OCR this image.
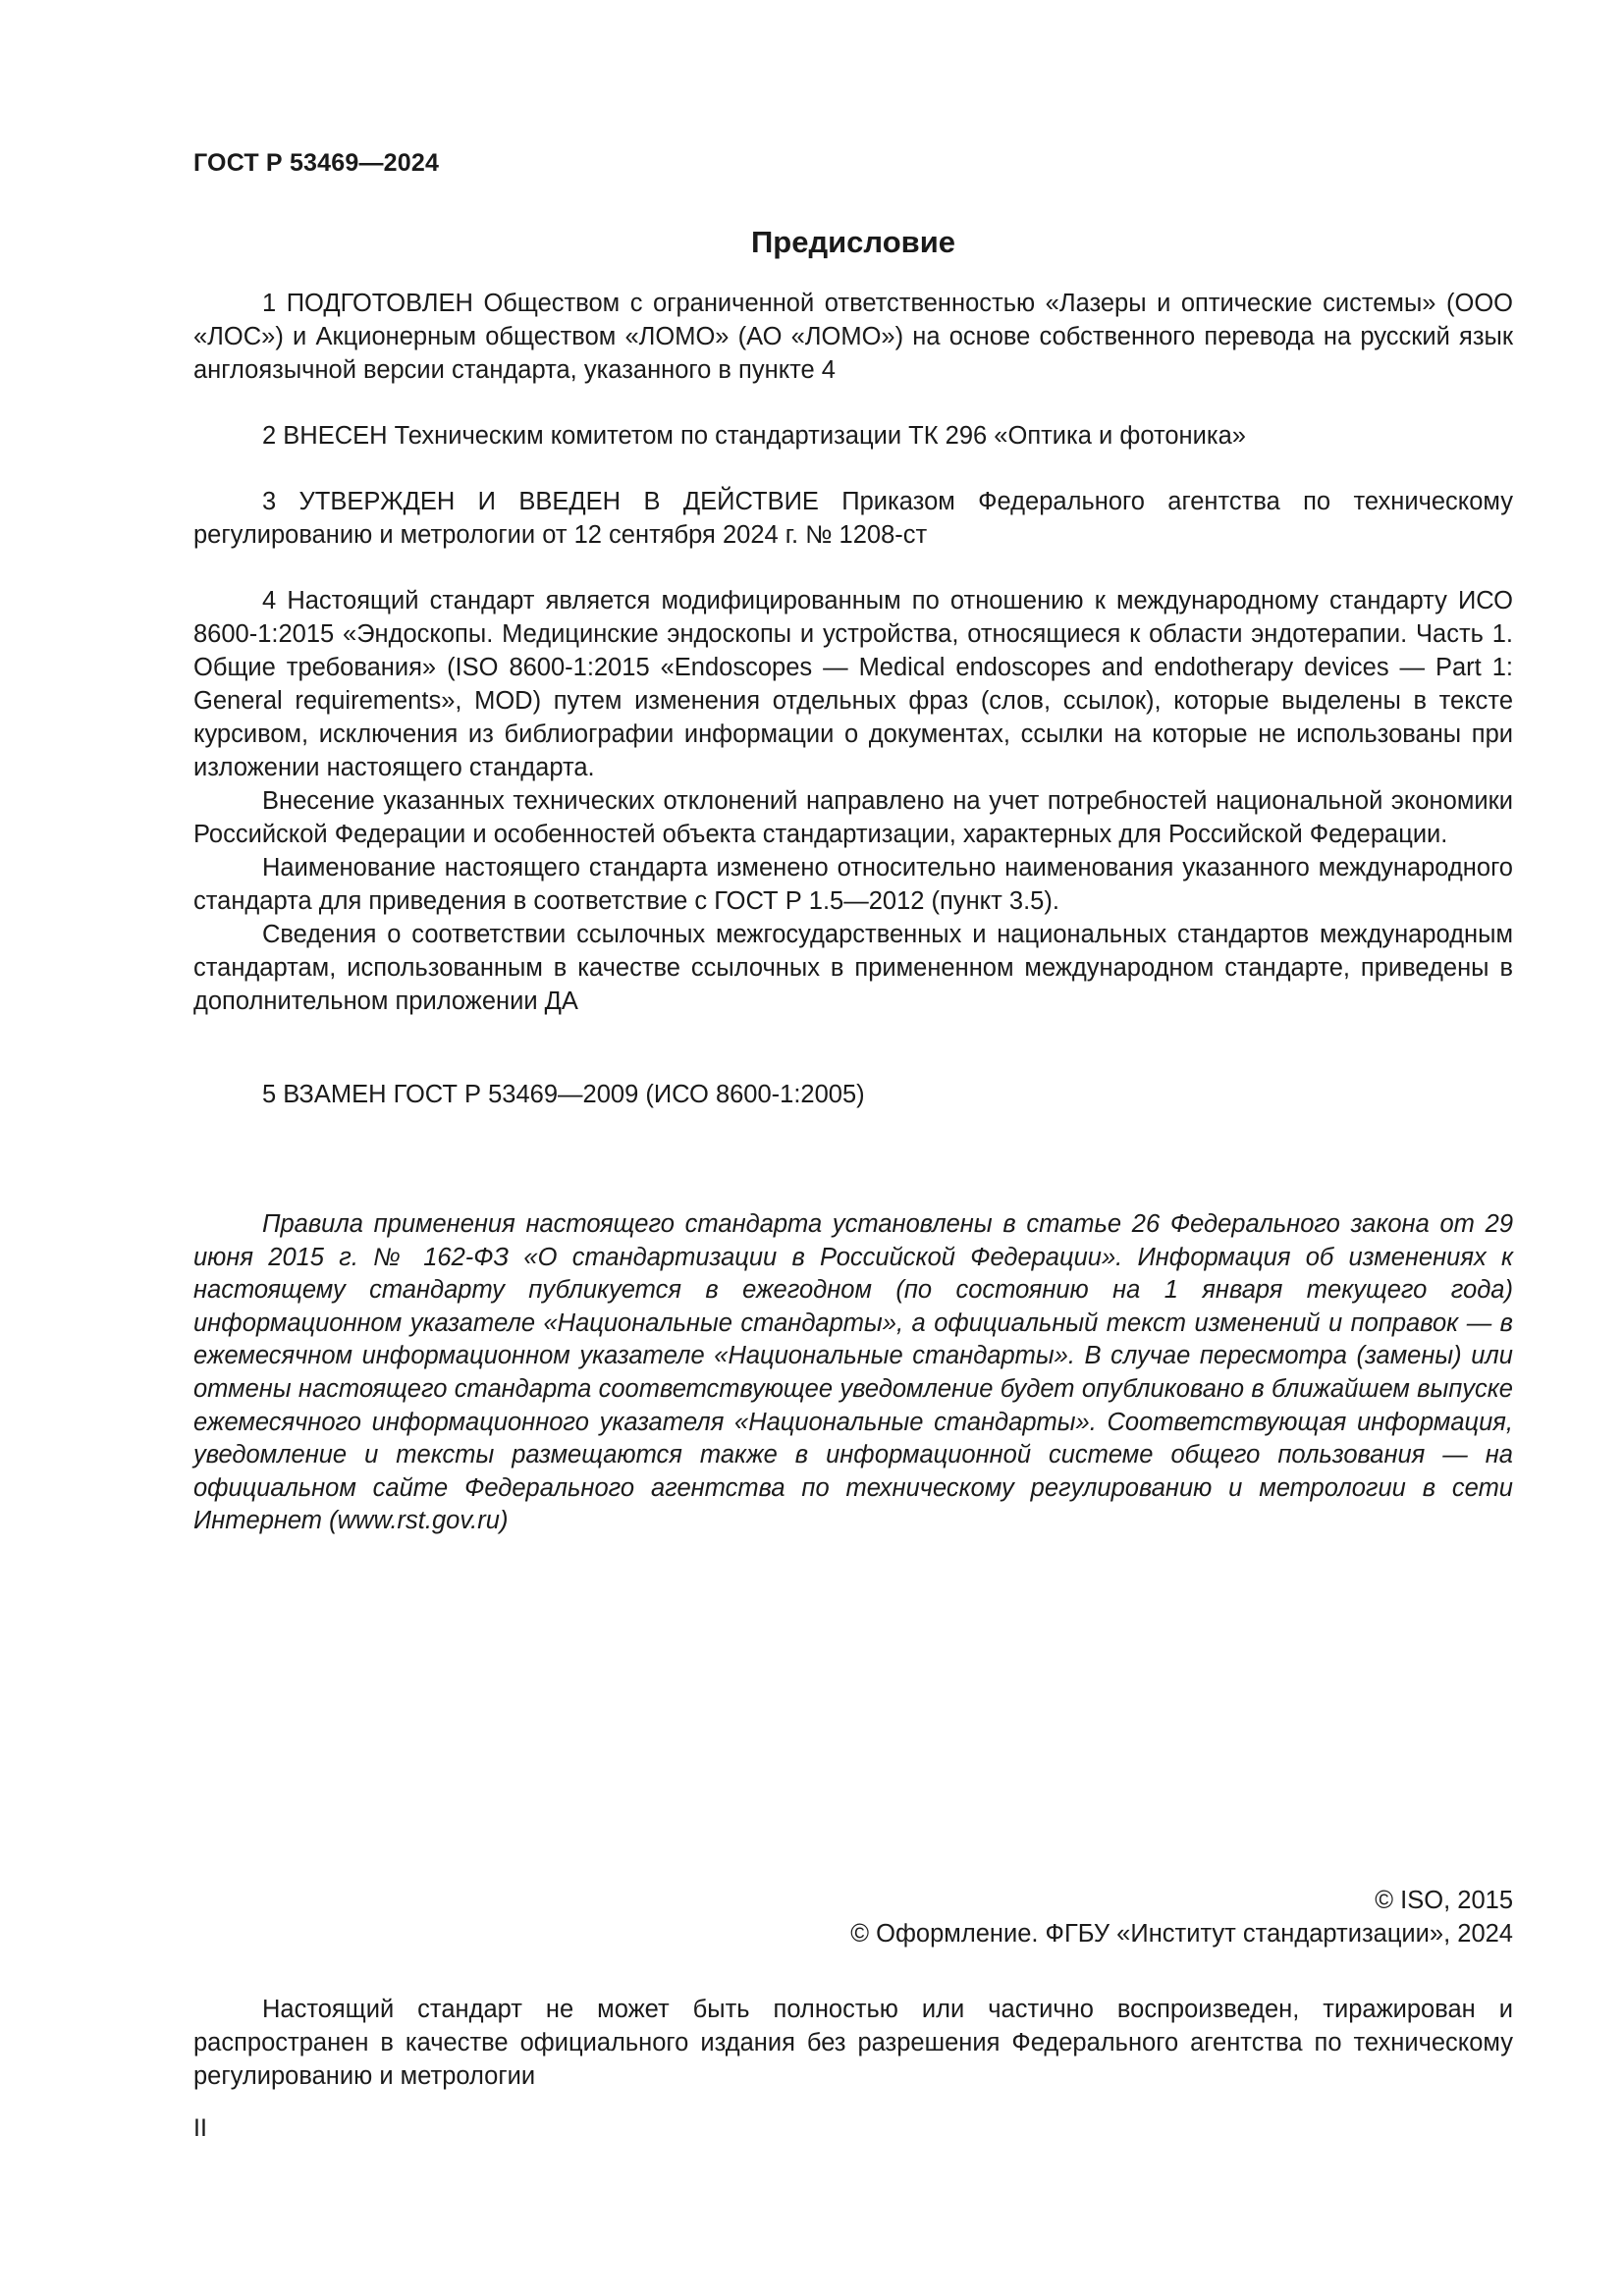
ГОСТ Р 53469—2024
Предисловие

1 ПОДГОТОВЛЕН Обществом с ограниченной ответственностью «Лазеры и оптические системы» (ООО «ЛОС») и Акционерным обществом «ЛОМО» (АО «ЛОМО») на основе собственного перевода на русский язык англоязычной версии стандарта, указанного в пункте 4

2 ВНЕСЕН Техническим комитетом по стандартизации ТК 296 «Оптика и фотоника»

3 УТВЕРЖДЕН И ВВЕДЕН В ДЕЙСТВИЕ Приказом Федерального агентства по техническому регулированию и метрологии от 12 сентября 2024 г. № 1208-ст

4 Настоящий стандарт является модифицированным по отношению к международному стандарту ИСО 8600-1:2015 «Эндоскопы. Медицинские эндоскопы и устройства, относящиеся к области эндотерапии. Часть 1. Общие требования» (ISO 8600-1:2015 «Endoscopes — Medical endoscopes and endotherapy devices — Part 1: General requirements», MOD) путем изменения отдельных фраз (слов, ссылок), которые выделены в тексте курсивом, исключения из библиографии информации о документах, ссылки на которые не использованы при изложении настоящего стандарта.

Внесение указанных технических отклонений направлено на учет потребностей национальной экономики Российской Федерации и особенностей объекта стандартизации, характерных для Российской Федерации.

Наименование настоящего стандарта изменено относительно наименования указанного международного стандарта для приведения в соответствие с ГОСТ Р 1.5—2012 (пункт 3.5).

Сведения о соответствии ссылочных межгосударственных и национальных стандартов международным стандартам, использованным в качестве ссылочных в примененном международном стандарте, приведены в дополнительном приложении ДА

5 ВЗАМЕН ГОСТ Р 53469—2009 (ИСО 8600-1:2005)

Правила применения настоящего стандарта установлены в статье 26 Федерального закона от 29 июня 2015 г. № 162-ФЗ «О стандартизации в Российской Федерации». Информация об изменениях к настоящему стандарту публикуется в ежегодном (по состоянию на 1 января текущего года) информационном указателе «Национальные стандарты», а официальный текст изменений и поправок — в ежемесячном информационном указателе «Национальные стандарты». В случае пересмотра (замены) или отмены настоящего стандарта соответствующее уведомление будет опубликовано в ближайшем выпуске ежемесячного информационного указателя «Национальные стандарты». Соответствующая информация, уведомление и тексты размещаются также в информационной системе общего пользования — на официальном сайте Федерального агентства по техническому регулированию и метрологии в сети Интернет (www.rst.gov.ru)

© ISO, 2015
© Оформление. ФГБУ «Институт стандартизации», 2024

Настоящий стандарт не может быть полностью или частично воспроизведен, тиражирован и распространен в качестве официального издания без разрешения Федерального агентства по техническому регулированию и метрологии

II
